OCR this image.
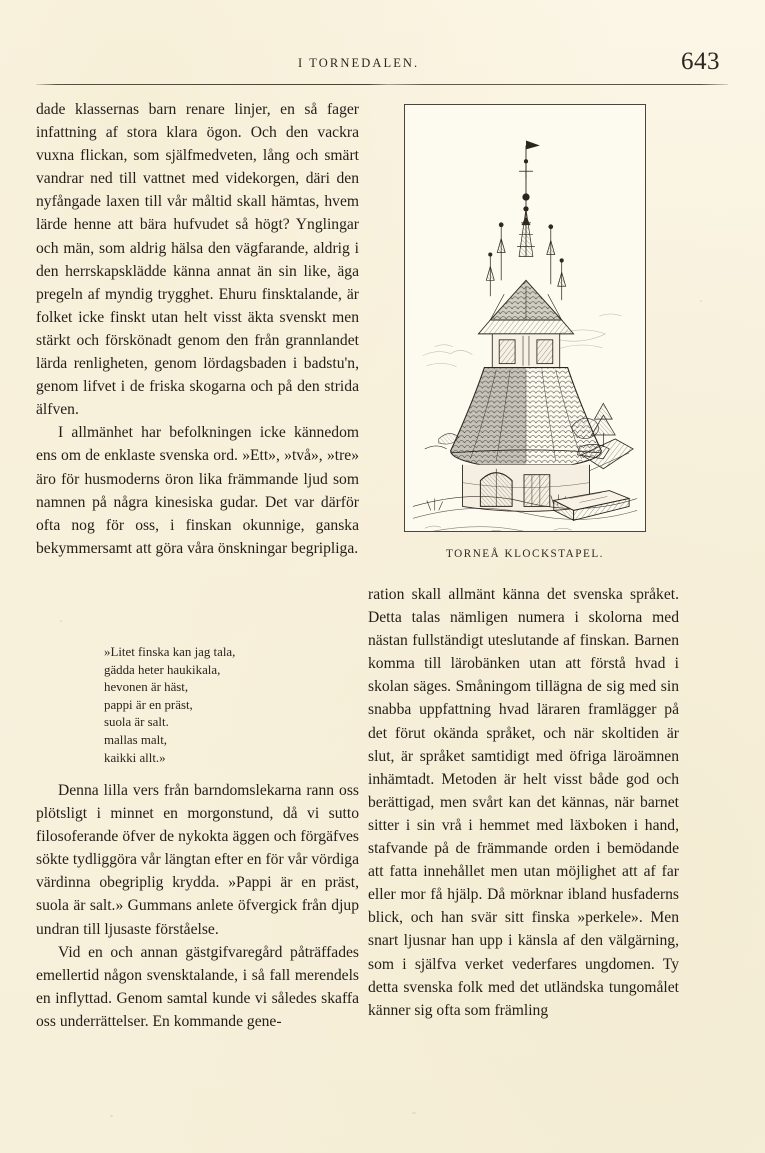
I TORNEDALEN.	643

dade klassernas barn renare linjer, en så fager infattning af stora klara ögon. Och den vackra vuxna flickan, som själfmedveten, lång och smärt vandrar ned till vattnet med videkorgen, däri den nyfångade laxen till vår måltid skall hämtas, hvem lärde henne att bära hufvudet så högt? Ynglingar och män, som aldrig hälsa den vägfarande, aldrig i den herrskapsklädde känna annat än sin like, äga pregeln af myndig trygghet. Ehuru finsktalande, är folket icke finskt utan helt visst äkta svenskt men stärkt och förskönadt genom den från grannlandet lärda renligheten, genom lördagsbaden i badstu'n, genom lifvet i de friska skogarna och på den strida älfven.

I allmänhet har befolkningen icke kännedom ens om de enklaste svenska ord. »Ett», »två», »tre» äro för husmoderns öron lika främmande ljud som namnen på några kinesiska gudar. Det var därför ofta nog för oss, i finskan okunnige, ganska bekymmersamt att göra våra önskningar begripliga.

»Litet finska kan jag tala,
gädda heter haukikala,
hevonen är häst,
pappi är en präst,
suola är salt.
mallas malt,
kaikki allt.»

Denna lilla vers från barndomslekarna rann oss plötsligt i minnet en morgonstund, då vi sutto filosoferande öfver de nykokta äggen och förgäfves sökte tydliggöra vår längtan efter en för vår vördiga värdinna obegriplig krydda. »Pappi är en präst, suola är salt.» Gummans anlete öfvergick från djup undran till ljusaste förståelse.

Vid en och annan gästgifvaregård påträffades emellertid någon svensktalande, i så fall merendels en inflyttad. Genom samtal kunde vi således skaffa oss underrättelser. En kommande gene-

TORNEÅ KLOCKSTAPEL.

ration skall allmänt känna det svenska språket. Detta talas nämligen numera i skolorna med nästan fullständigt uteslutande af finskan. Barnen komma till lärobänken utan att förstå hvad i skolan säges. Småningom tillägna de sig med sin snabba uppfattning hvad läraren framlägger på det förut okända språket, och när skoltiden är slut, är språket samtidigt med öfriga läroämnen inhämtadt. Metoden är helt visst både god och berättigad, men svårt kan det kännas, när barnet sitter i sin vrå i hemmet med läxboken i hand, stafvande på de främmande orden i bemödande att fatta innehållet men utan möjlighet att af far eller mor få hjälp. Då mörknar ibland husfaderns blick, och han svär sitt finska »perkele». Men snart ljusnar han upp i känsla af den välgärning, som i själfva verket vederfares ungdomen. Ty detta svenska folk med det utländska tungomålet känner sig ofta som främling
